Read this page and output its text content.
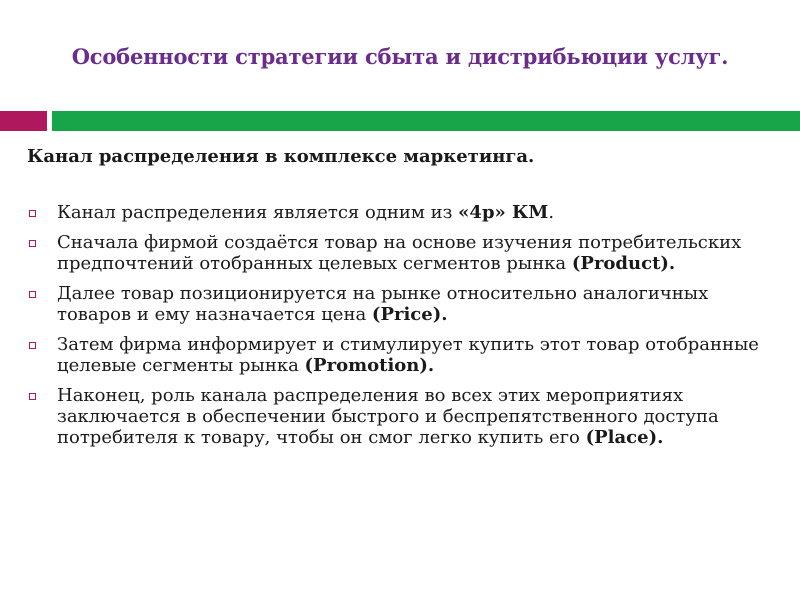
Особенности стратегии сбыта и дистрибьюции услуг.
Канал распределения в комплексе маркетинга.
Канал распределения является одним из «4р» КМ.
Сначала фирмой создаётся товар на основе изучения потребительских предпочтений отобранных целевых сегментов рынка (Product).
Далее товар позиционируется на рынке относительно аналогичных товаров и ему назначается цена (Price).
Затем фирма информирует и стимулирует купить этот товар отобранные целевые сегменты рынка (Promotion).
Наконец, роль канала распределения во всех этих мероприятиях заключается в обеспечении быстрого и беспрепятственного доступа потребителя к товару, чтобы он смог легко купить его (Place).
